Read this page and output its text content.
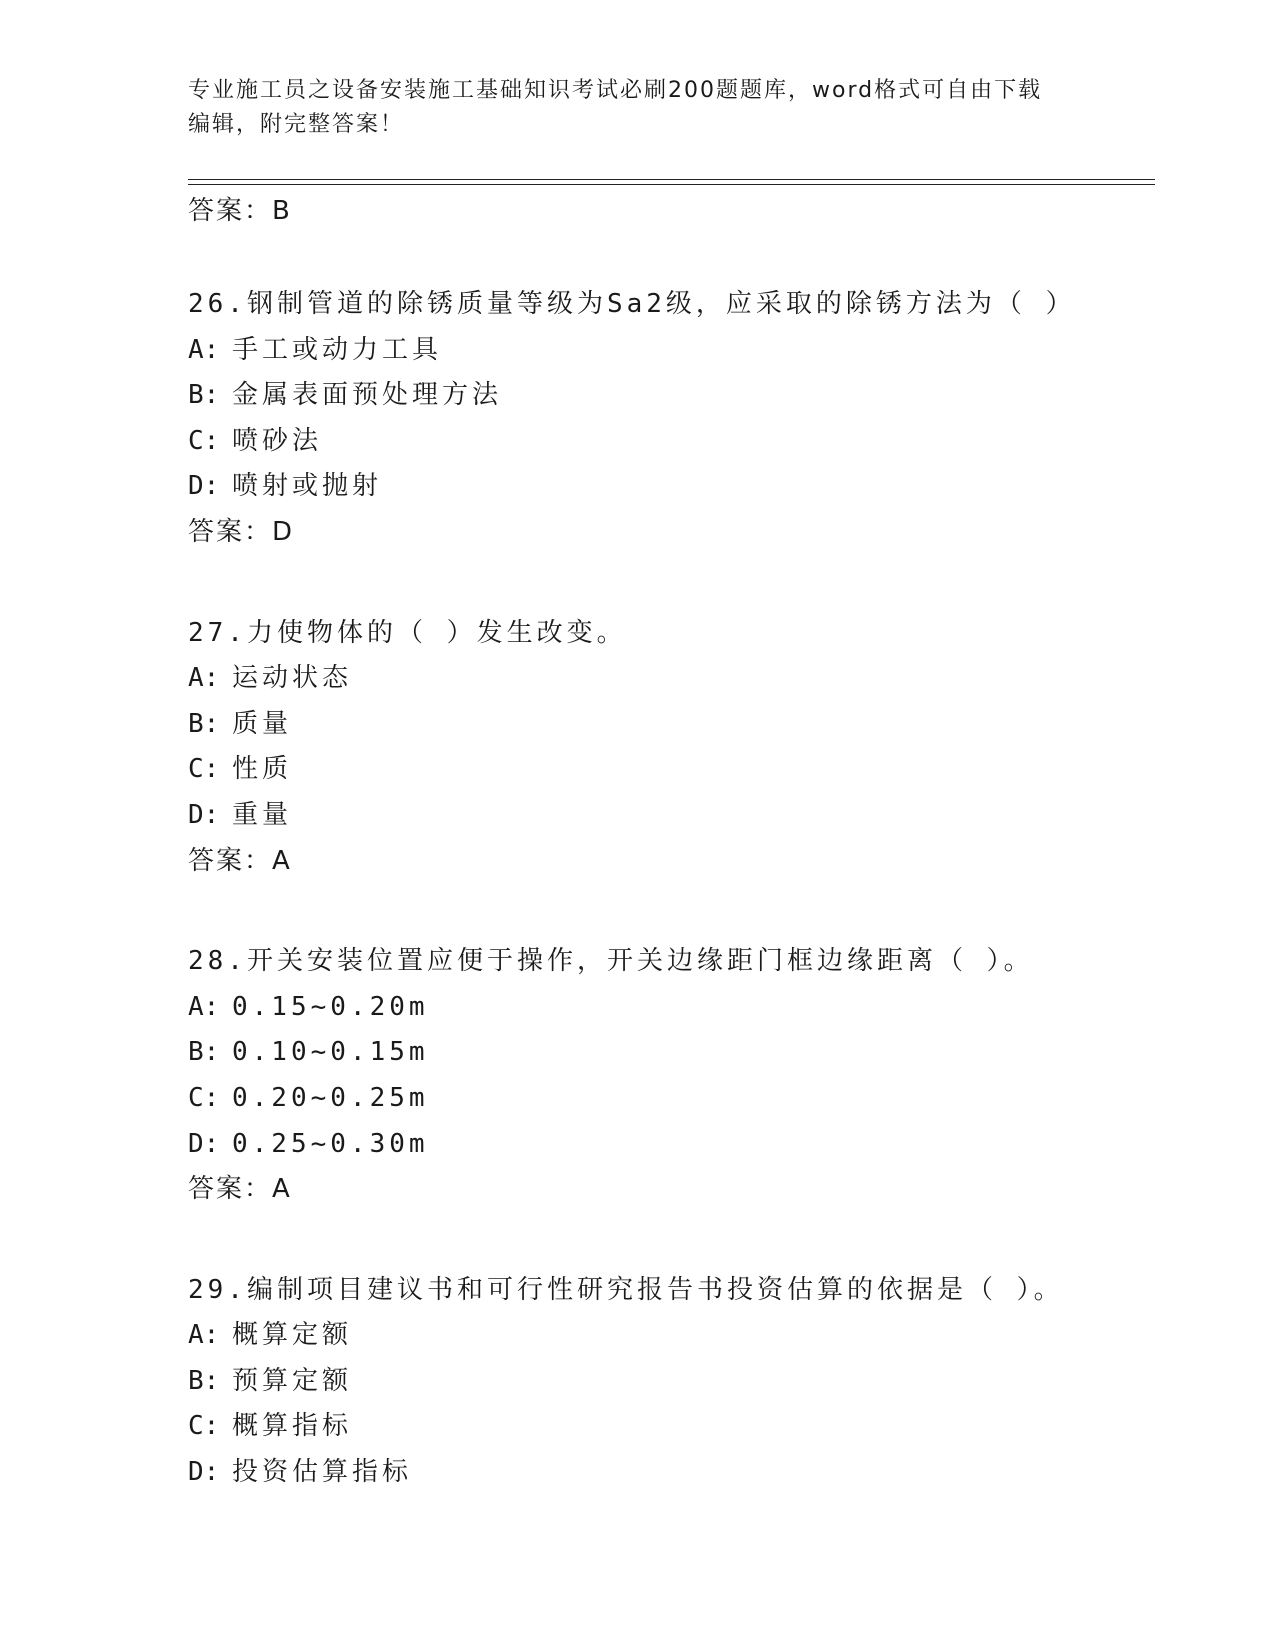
专业施工员之设备安装施工基础知识考试必刷200题题库，word格式可自由下载
编辑，附完整答案！
答案：B
26.钢制管道的除锈质量等级为Sa2级，应采取的除锈方法为（ ）
A: 手工或动力工具
B: 金属表面预处理方法
C: 喷砂法
D: 喷射或抛射
答案：D
27.力使物体的（ ）发生改变。
A: 运动状态
B: 质量
C: 性质
D: 重量
答案：A
28.开关安装位置应便于操作，开关边缘距门框边缘距离（ ）。
A: 0.15~0.20m
B: 0.10~0.15m
C: 0.20~0.25m
D: 0.25~0.30m
答案：A
29.编制项目建议书和可行性研究报告书投资估算的依据是（ ）。
A: 概算定额
B: 预算定额
C: 概算指标
D: 投资估算指标
